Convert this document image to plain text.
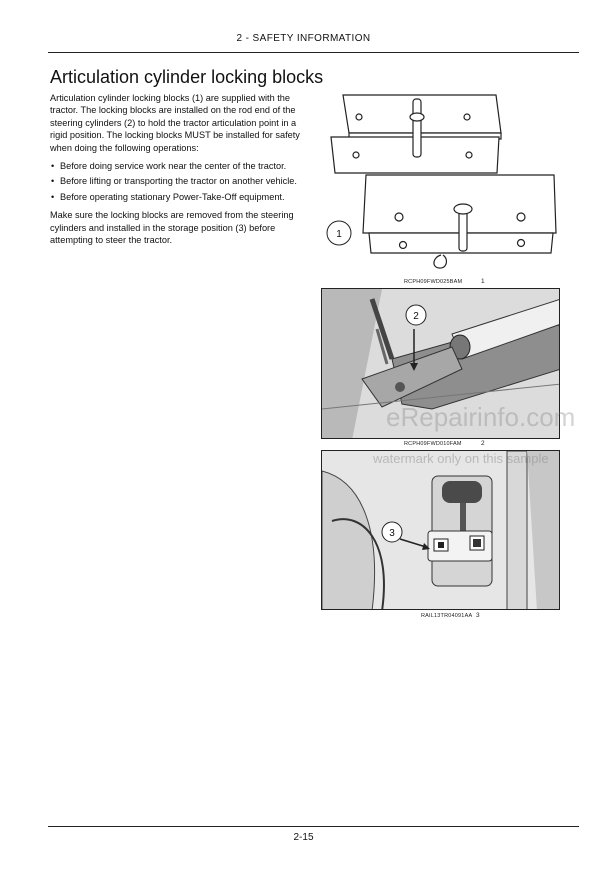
2 - SAFETY INFORMATION
Articulation cylinder locking blocks

Articulation cylinder locking blocks (1) are supplied with the tractor. The locking blocks are installed on the rod end of the steering cylinders (2) to hold the tractor articulation point in a rigid position. The locking blocks MUST be installed for safety when doing the following operations:

• Before doing service work near the center of the tractor.
• Before lifting or transporting the tractor on another vehicle.
• Before operating stationary Power-Take-Off equipment.

Make sure the locking blocks are removed from the steering cylinders and installed in the storage position (3) before attempting to steer the tractor.

1
RCPH09FWD025BAM	1
2
RCPH09FWD010FAM	2
3
RAIL13TR04091AA 3
eRepairinfo.com
watermark only on this sample
2-15
